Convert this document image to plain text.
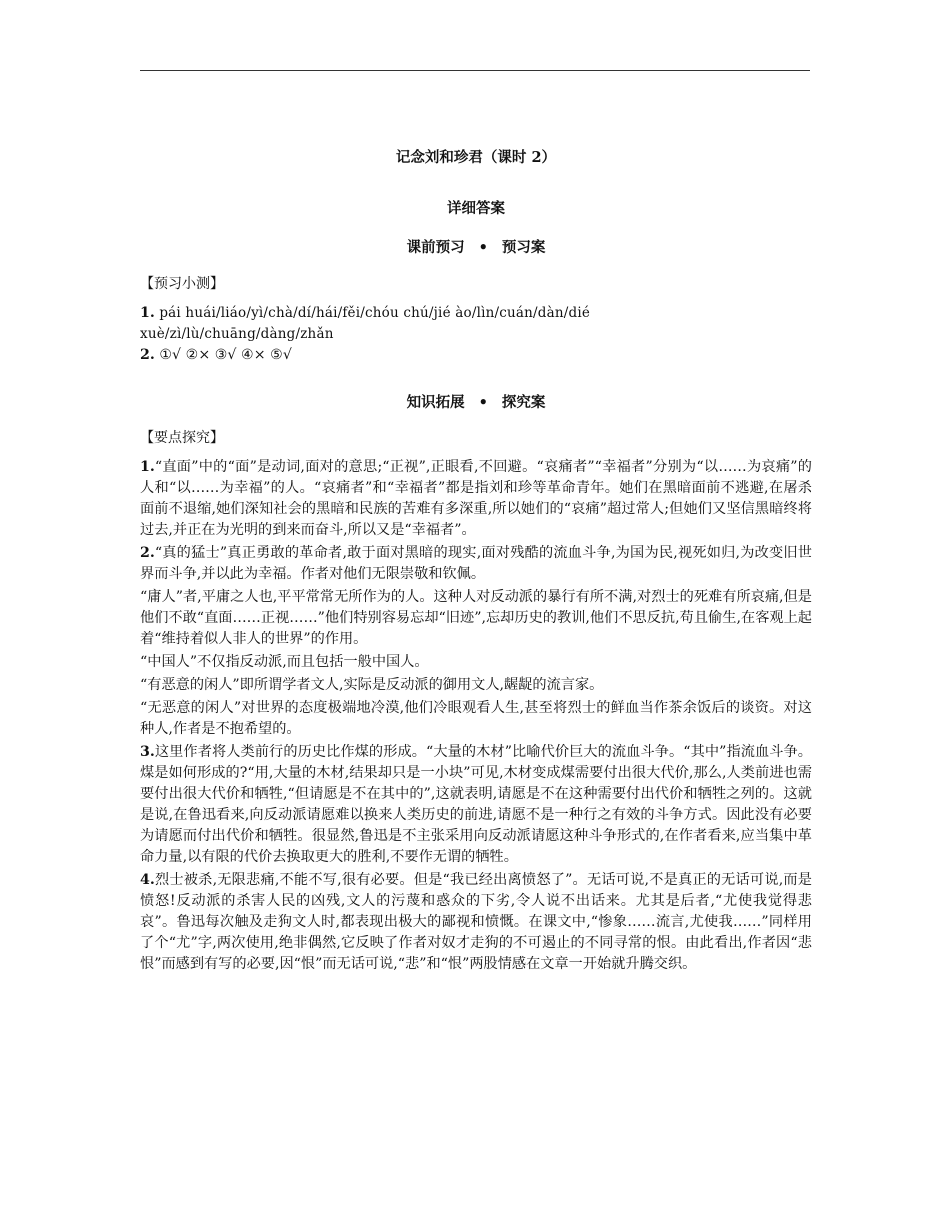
记念刘和珍君（课时 2）
详细答案
课前预习 • 预习案
【预习小测】
1. pái huái/liáo/yì/chà/dí/hái/fěi/chóu chú/jié ào/lìn/cuán/dàn/dié
xuè/zì/lù/chuāng/dàng/zhǎn
2. ①√ ②× ③√ ④× ⑤√
知识拓展 • 探究案
【要点探究】

1.“直面”中的“面”是动词,面对的意思;“正视”,正眼看,不回避。“哀痛者”“幸福者”分别为“以……为哀痛”的人和“以……为幸福”的人。“哀痛者”和“幸福者”都是指刘和珍等革命青年。她们在黑暗面前不逃避,在屠杀面前不退缩,她们深知社会的黑暗和民族的苦难有多深重,所以她们的“哀痛”超过常人;但她们又坚信黑暗终将过去,并正在为光明的到来而奋斗,所以又是“幸福者”。

2.“真的猛士”真正勇敢的革命者,敢于面对黑暗的现实,面对残酷的流血斗争,为国为民,视死如归,为改变旧世界而斗争,并以此为幸福。作者对他们无限崇敬和钦佩。

“庸人”者,平庸之人也,平平常常无所作为的人。这种人对反动派的暴行有所不满,对烈士的死难有所哀痛,但是他们不敢“直面……正视……”他们特别容易忘却“旧迹”,忘却历史的教训,他们不思反抗,苟且偷生,在客观上起着“维持着似人非人的世界”的作用。

“中国人”不仅指反动派,而且包括一般中国人。

“有恶意的闲人”即所谓学者文人,实际是反动派的御用文人,龌龊的流言家。

“无恶意的闲人”对世界的态度极端地冷漠,他们冷眼观看人生,甚至将烈士的鲜血当作茶余饭后的谈资。对这种人,作者是不抱希望的。

3.这里作者将人类前行的历史比作煤的形成。“大量的木材”比喻代价巨大的流血斗争。“其中”指流血斗争。煤是如何形成的?“用,大量的木材,结果却只是一小块”可见,木材变成煤需要付出很大代价,那么,人类前进也需要付出很大代价和牺牲,“但请愿是不在其中的”,这就表明,请愿是不在这种需要付出代价和牺牲之列的。这就是说,在鲁迅看来,向反动派请愿难以换来人类历史的前进,请愿不是一种行之有效的斗争方式。因此没有必要为请愿而付出代价和牺牲。很显然,鲁迅是不主张采用向反动派请愿这种斗争形式的,在作者看来,应当集中革命力量,以有限的代价去换取更大的胜利,不要作无谓的牺牲。

4.烈士被杀,无限悲痛,不能不写,很有必要。但是“我已经出离愤怒了”。无话可说,不是真正的无话可说,而是愤怒!反动派的杀害人民的凶残,文人的污蔑和惑众的下劣,令人说不出话来。尤其是后者,“尤使我觉得悲哀”。鲁迅每次触及走狗文人时,都表现出极大的鄙视和愤慨。在课文中,“惨象……流言,尤使我……”同样用了个“尤”字,两次使用,绝非偶然,它反映了作者对奴才走狗的不可遏止的不同寻常的恨。由此看出,作者因“悲恨”而感到有写的必要,因“恨”而无话可说,“悲”和“恨”两股情感在文章一开始就升腾交织。
